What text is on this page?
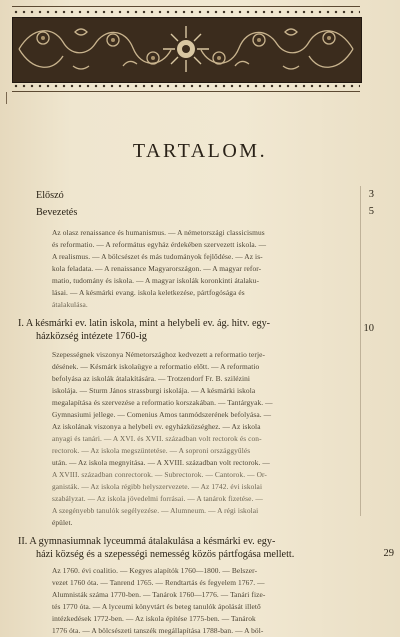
TARTALOM.
Előszó	3
Bevezetés	5
Az olasz renaissance és humanismus. — A németországi classicismus
és reformatio. — A református egyház érdekében szervezett iskola. —
A realismus. — A bölcsészet és más tudományok fejlődése. — Az is-
kola feladata. — A renaissance Magyarországon. — A magyar refor-
matio, tudomány és iskola. — A magyar iskolák koronkinti átalaku-
lásai. — A késmárki evang. iskola keletkezése, pártfogósága és
átalakulása.
I. A késmárki ev. latin iskola, mint a helybeli ev. ág. hitv. egy-	10
házközség intézete 1760-ig
Szepességnek viszonya Németországhoz kedvezett a reformatio terje-
désének. — Késmárk iskolaügye a reformatio előtt. — A reformatio
befolyása az iskolák átalakítására. — Trotzendorf Fr. B. szilézini
iskolája. — Sturm János strassburgi iskolája. — A késmárki iskola
megalapítása és szervezése a reformatio korszakában. — Tantárgyak. —
Gymnasiumi jellege. — Comenius Amos tanmódszerének befolyása. —
Az iskolának viszonya a helybeli ev. egyházközséghez. — Az iskola
anyagi és tanári. — A XVI. és XVII. században volt rectorok és con-
rectorok. — Az iskola megszüntetése. — A soproni országgyűlés
után. — Az iskola megnyitása. — A XVIII. században volt rectorok. —
A XVIII. században conrectorok. — Subrectorok. — Cantorok. — Or-
ganisták. — Az iskola régibb helyszervezete. — Az 1742. évi iskolai
szabályzat. — Az iskola jövedelmi forrásai. — A tanárok fizetése. —
A szegényebb tanulók segélyezése. — Alumneum. — A régi iskolai
épület.
II. A gymnasiumnak lyceummá átalakulása a késmárki ev. egy-
házi község és a szepességi nemesség közös pártfogása mellett.	29
Az 1760. évi coalitio. — Kegyes alapítók 1760—1800. — Belszer-
vezet 1760 óta. — Tanrend 1765. — Rendtartás és fegyelem 1767. —
Alumnisták száma 1770-ben. — Tanárok 1760—1776. — Tanári fize-
tés 1770 óta. — A lyceumi könyvtárt és beteg tanulók ápolását illető
intézkedések 1772-ben. — Az iskola építése 1775-ben. — Tanárok
1776 óta. — A bölcsészeti tanszék megállapítása 1788-ban. — A böl-
